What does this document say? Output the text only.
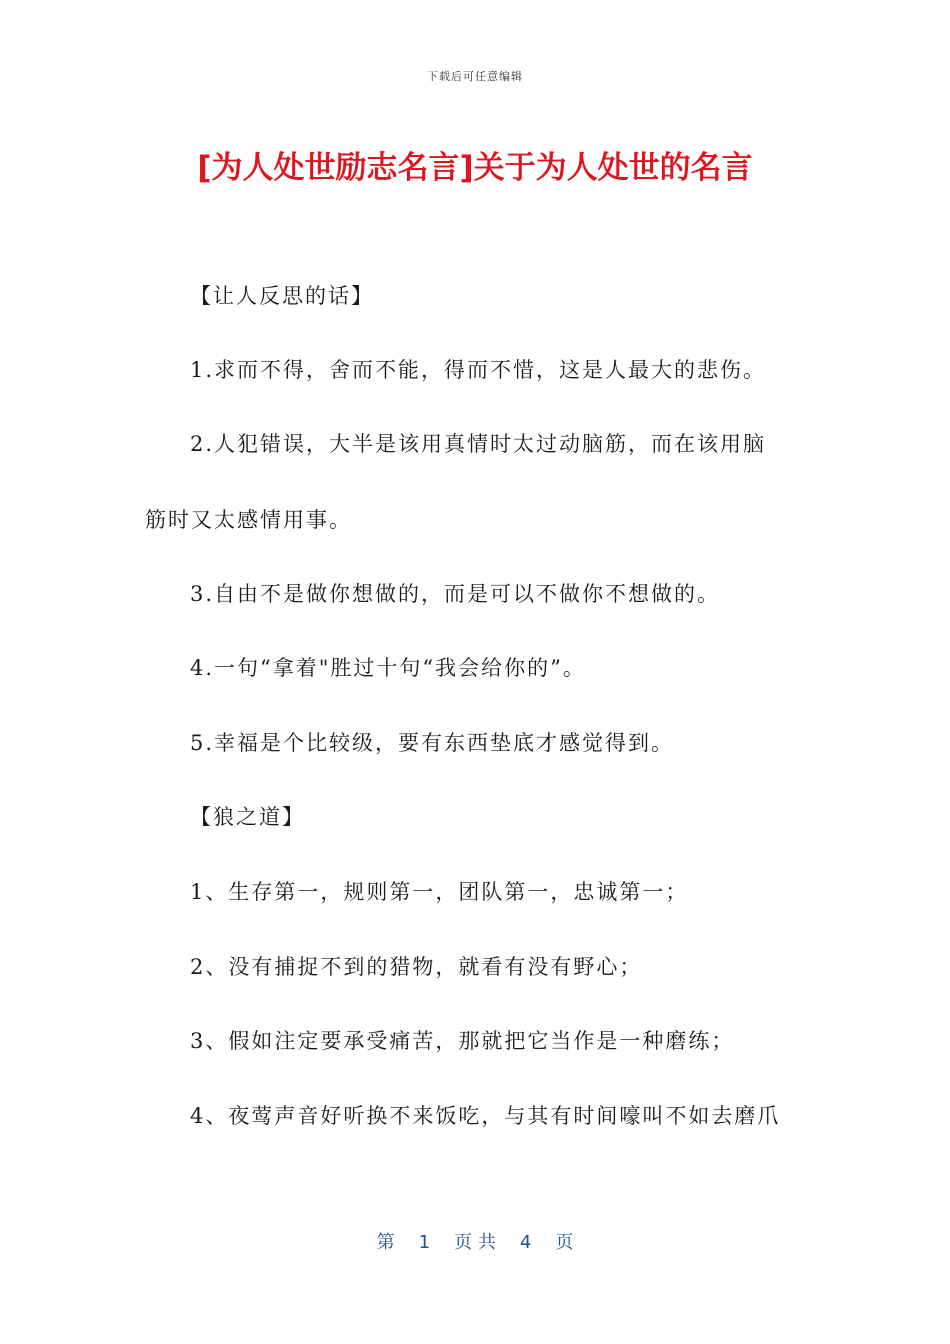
下载后可任意编辑
[为人处世励志名言]关于为人处世的名言

【让人反思的话】

1.求而不得，舍而不能，得而不惜，这是人最大的悲伤。

2.人犯错误，大半是该用真情时太过动脑筋，而在该用脑

筋时又太感情用事。

3.自由不是做你想做的，而是可以不做你不想做的。

4.一句“拿着"胜过十句“我会给你的”。

5.幸福是个比较级，要有东西垫底才感觉得到。

【狼之道】

1、生存第一，规则第一，团队第一，忠诚第一；

2、没有捕捉不到的猎物，就看有没有野心；

3、假如注定要承受痛苦，那就把它当作是一种磨练；

4、夜莺声音好听换不来饭吃，与其有时间嚎叫不如去磨爪

第 1 页 共 4 页
